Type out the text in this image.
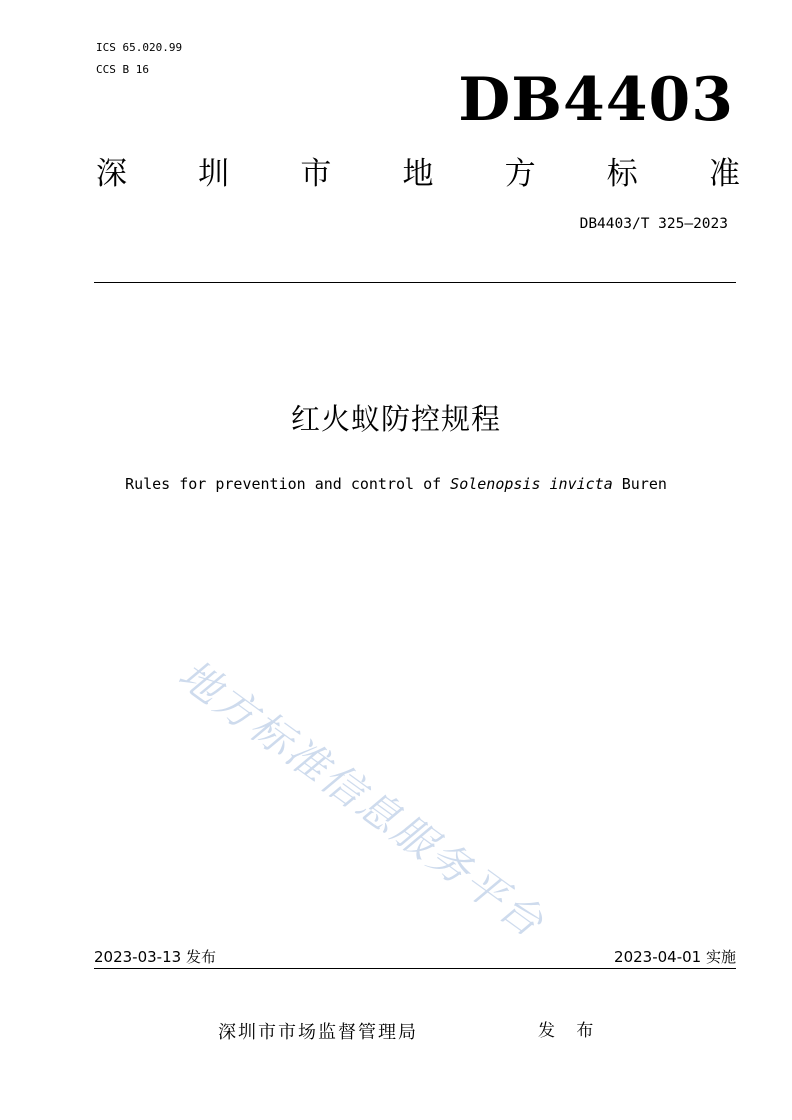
ICS 65.020.99
CCS B 16	DB4403
深 圳 市 地 方 标 准
DB4403/T 325—2023
红火蚁防控规程
Rules for prevention and control of Solenopsis invicta Buren
地方标准信息服务平台
2023-03-13 发布	2023-04-01 实施
深圳市市场监督管理局	发 布
